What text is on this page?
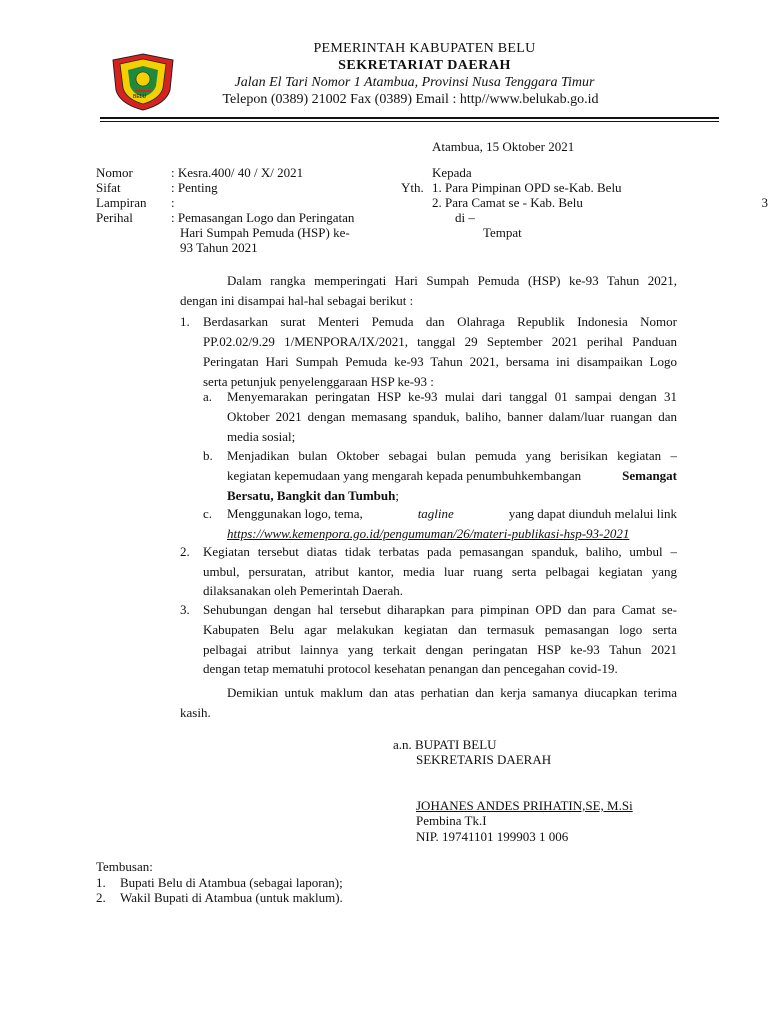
BELU
PEMERINTAH KABUPATEN BELU
SEKRETARIAT DAERAH
Jalan El Tari Nomor 1 Atambua, Provinsi Nusa Tenggara Timur
Telepon (0389) 21002 Fax (0389) Email : http//www.belukab.go.id
Atambua, 15 Oktober 2021
Nomor	: Kesra.400/ 40 / X/ 2021
Sifat	: Penting
Lampiran :
Perihal	: Pemasangan Logo dan Peringatan
Hari Sumpah Pemuda (HSP) ke-
93 Tahun 2021
Kepada
Yth. 1. Para Pimpinan OPD se-Kab. Belu
2. Para Camat se - Kab. Belu
di –
Tempat
3
Dalam rangka memperingati Hari Sumpah Pemuda (HSP) ke-93 Tahun 2021,
dengan ini disampai hal-hal sebagai berikut :
1. Berdasarkan surat Menteri Pemuda dan Olahraga Republik Indonesia Nomor
PP.02.02/9.29 1/MENPORA/IX/2021, tanggal 29 September 2021 perihal Panduan
Peringatan Hari Sumpah Pemuda ke-93 Tahun 2021, bersama ini disampaikan Logo
serta petunjuk penyelenggaraan HSP ke-93 :
a. Menyemarakan peringatan HSP ke-93 mulai dari tanggal 01 sampai dengan 31
Oktober 2021 dengan memasang spanduk, baliho, banner dalam/luar ruangan dan
media sosial;
b. Menjadikan bulan Oktober sebagai bulan pemuda yang berisikan kegiatan –
kegiatan kepemudaan yang mengarah kepada penumbuhkembangan	Semangat
Bersatu, Bangkit dan Tumbuh;
c. Menggunakan logo, tema,	tagline	yang dapat diunduh melalui link
https://www.kemenpora.go.id/pengumuman/26/materi-publikasi-hsp-93-2021
2. Kegiatan tersebut diatas tidak terbatas pada pemasangan spanduk, baliho, umbul –
umbul, persuratan, atribut kantor, media luar ruang serta pelbagai kegiatan yang
dilaksanakan oleh Pemerintah Daerah.
3. Sehubungan dengan hal tersebut diharapkan para pimpinan OPD dan para Camat se-
Kabupaten Belu agar melakukan kegiatan dan termasuk pemasangan logo serta
pelbagai atribut lainnya yang terkait dengan peringatan HSP ke-93 Tahun 2021
dengan tetap mematuhi protocol kesehatan penangan dan pencegahan covid-19.
Demikian untuk maklum dan atas perhatian dan kerja samanya diucapkan terima
kasih.
a.n. BUPATI BELU
SEKRETARIS DAERAH
JOHANES ANDES PRIHATIN,SE, M.Si
Pembina Tk.I
NIP. 19741101 199903 1 006
Tembusan:
1. Bupati Belu di Atambua (sebagai laporan);
2. Wakil Bupati di Atambua (untuk maklum).
